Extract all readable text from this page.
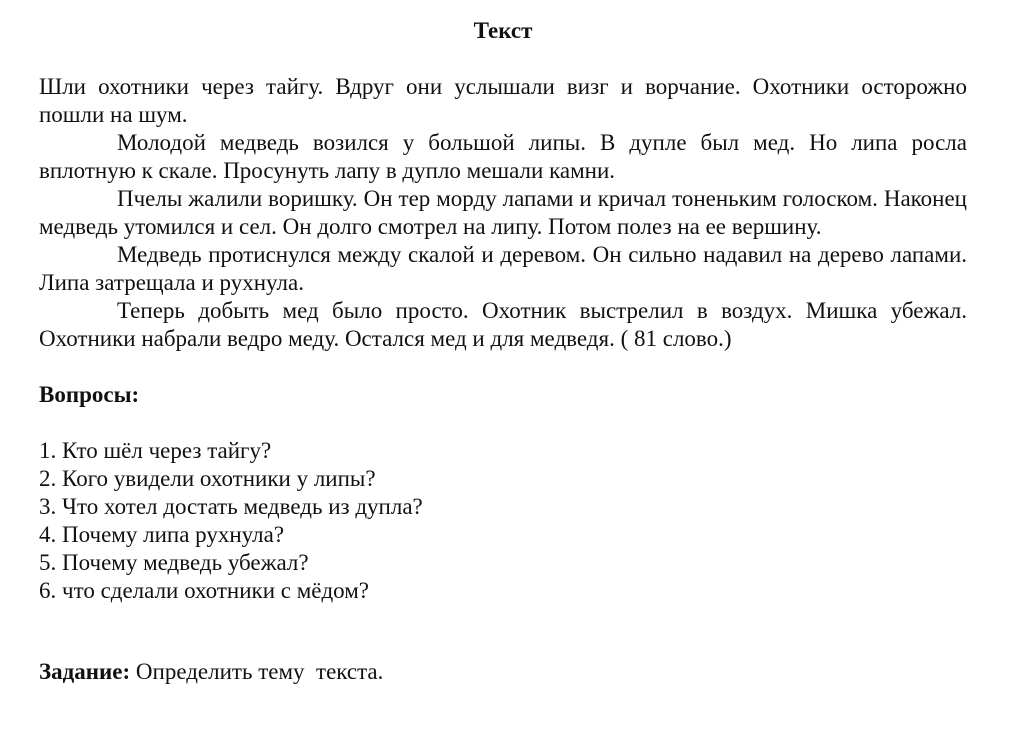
Текст

Шли охотники через тайгу. Вдруг они услышали визг и ворчание. Охотники осторожно пошли на шум.

Молодой медведь возился у большой липы. В дупле был мед. Но липа росла вплотную к скале. Просунуть лапу в дупло мешали камни.

Пчелы жалили воришку. Он тер морду лапами и кричал тоненьким голоском. Наконец медведь утомился и сел. Он долго смотрел на липу. Потом полез на ее вершину.

Медведь протиснулся между скалой и деревом. Он сильно надавил на дерево лапами. Липа затрещала и рухнула.

Теперь добыть мед было просто. Охотник выстрелил в воздух. Мишка убежал. Охотники набрали ведро меду. Остался мед и для медведя. ( 81 слово.)

Вопросы:
1. Кто шёл через тайгу?
2. Кого увидели охотники у липы?
3. Что хотел достать медведь из дупла?
4. Почему липа рухнула?
5. Почему медведь убежал?
6. что сделали охотники с мёдом?
Задание: Определить тему  текста.
